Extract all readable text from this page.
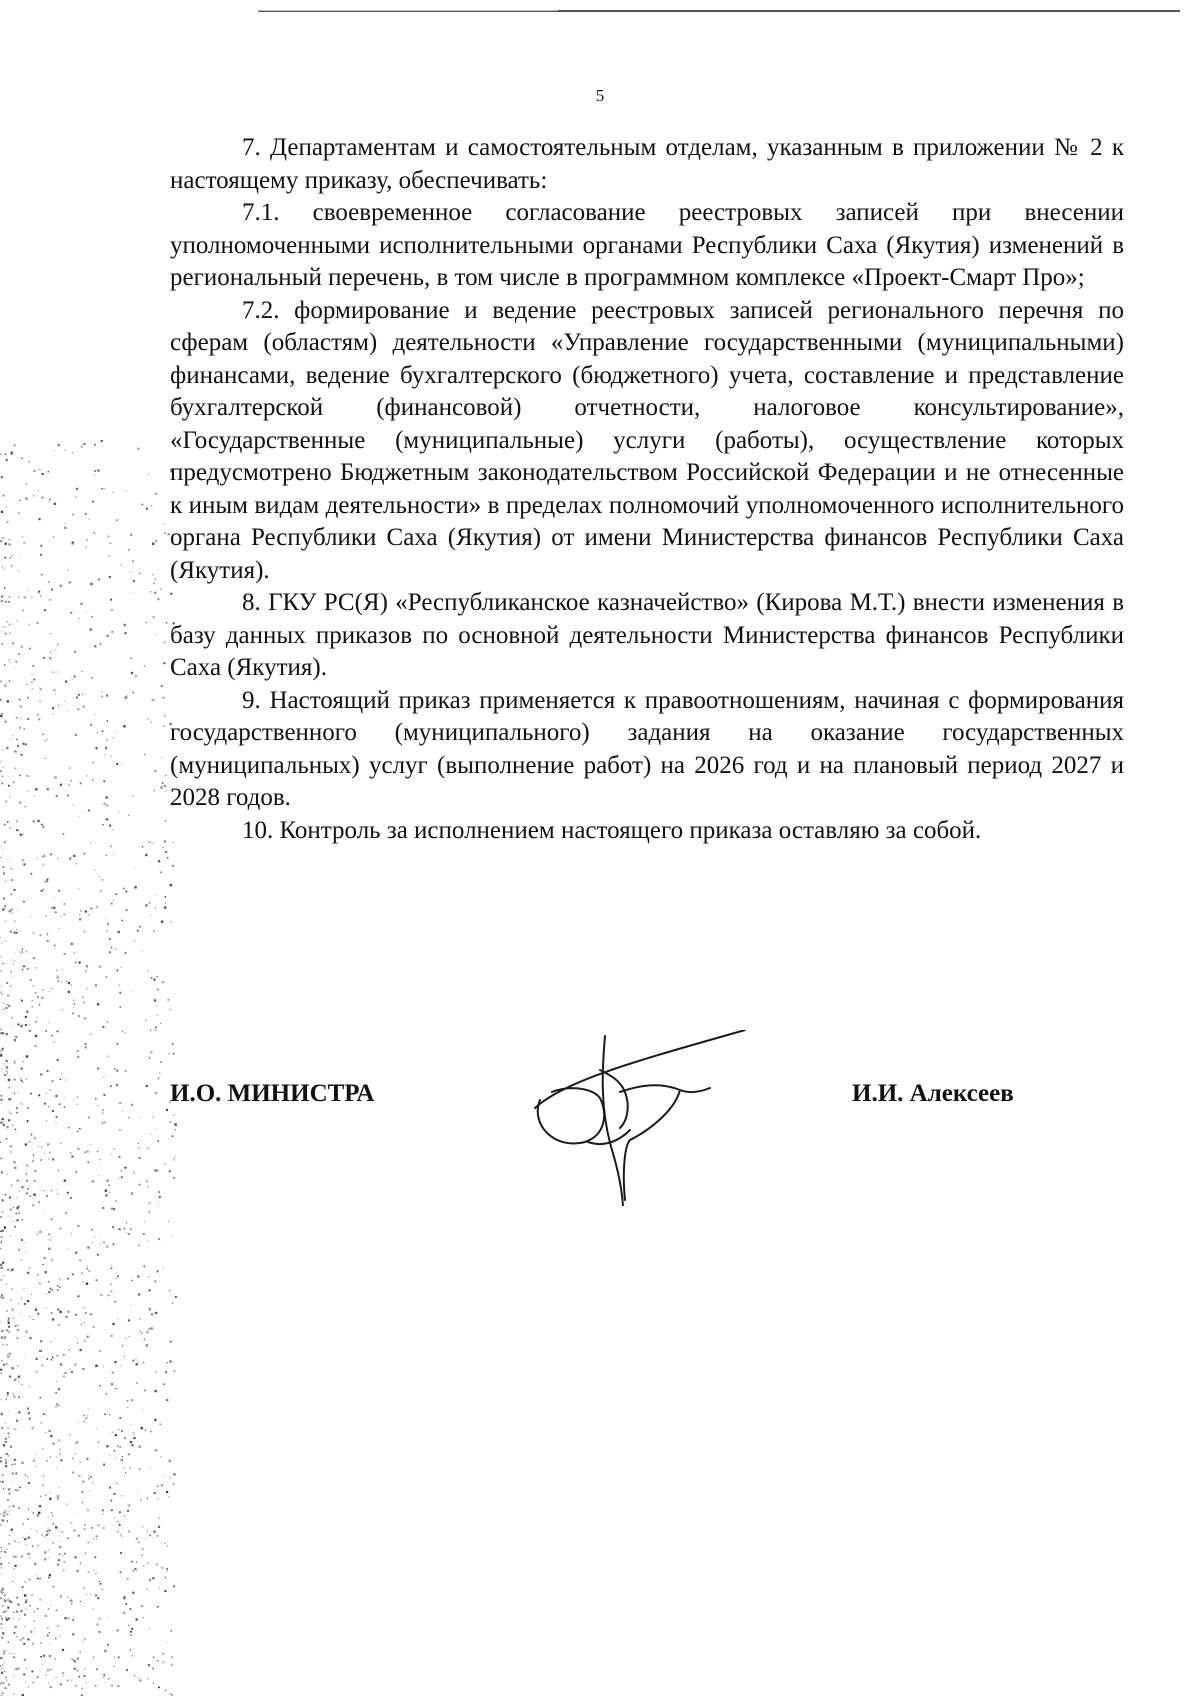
5

7. Департаментам и самостоятельным отделам, указанным в приложении № 2 к настоящему приказу, обеспечивать:

7.1. своевременное согласование реестровых записей при внесении уполномоченными исполнительными органами Республики Саха (Якутия) изменений в региональный перечень, в том числе в программном комплексе «Проект-Смарт Про»;

7.2. формирование и ведение реестровых записей регионального перечня по сферам (областям) деятельности «Управление государственными (муниципальными) финансами, ведение бухгалтерского (бюджетного) учета, составление и представление бухгалтерской (финансовой) отчетности, налоговое консультирование», «Государственные (муниципальные) услуги (работы), осуществление которых предусмотрено Бюджетным законодательством Российской Федерации и не отнесенные к иным видам деятельности» в пределах полномочий уполномоченного исполнительного органа Республики Саха (Якутия) от имени Министерства финансов Республики Саха (Якутия).

8. ГКУ РС(Я) «Республиканское казначейство» (Кирова М.Т.) внести изменения в базу данных приказов по основной деятельности Министерства финансов Республики Саха (Якутия).

9. Настоящий приказ применяется к правоотношениям, начиная с формирования государственного (муниципального) задания на оказание государственных (муниципальных) услуг (выполнение работ) на 2026 год и на плановый период 2027 и 2028 годов.

10. Контроль за исполнением настоящего приказа оставляю за собой.

И.О. МИНИСТРА	И.И. Алексеев
